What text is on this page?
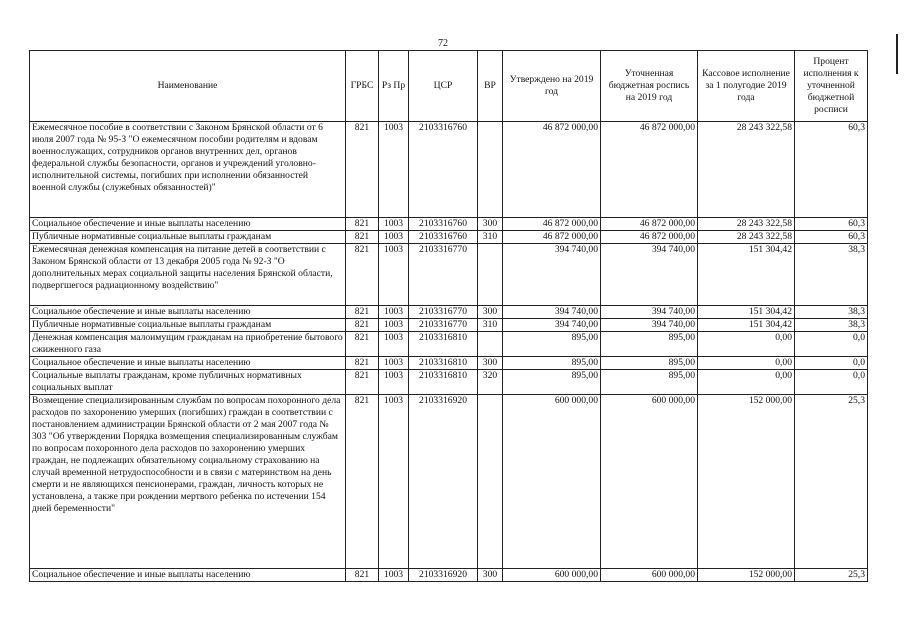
72
Наименование	ГРБС	Рз Пр	ЦСР	ВР	Утверждено на 2019 год	Уточненная бюджетная роспись на 2019 год	Кассовое исполнение за 1 полугодие 2019 года	Процент исполнения к уточненной бюджетной росписи
Ежемесячное пособие в соответствии с Законом Брянской области от 6 июля 2007 года № 95-З "О ежемесячном пособии родителям и вдовам военнослужащих, сотрудников органов внутренних дел, органов федеральной службы безопасности, органов и учреждений уголовно-исполнительной системы, погибших при исполнении обязанностей военной службы (служебных обязанностей)"	821	1003	2103316760		46 872 000,00	46 872 000,00	28 243 322,58	60,3
Социальное обеспечение и иные выплаты населению	821	1003	2103316760	300	46 872 000,00	46 872 000,00	28 243 322,58	60,3
Публичные нормативные социальные выплаты гражданам	821	1003	2103316760	310	46 872 000,00	46 872 000,00	28 243 322,58	60,3
Ежемесячная денежная компенсация на питание детей в соответствии с Законом Брянской области от 13 декабря 2005 года № 92-З "О дополнительных мерах социальной защиты населения Брянской области, подвергшегося радиационному воздействию"	821	1003	2103316770		394 740,00	394 740,00	151 304,42	38,3
Социальное обеспечение и иные выплаты населению	821	1003	2103316770	300	394 740,00	394 740,00	151 304,42	38,3
Публичные нормативные социальные выплаты гражданам	821	1003	2103316770	310	394 740,00	394 740,00	151 304,42	38,3
Денежная компенсация малоимущим гражданам на приобретение бытового сжиженного газа	821	1003	2103316810		895,00	895,00	0,00	0,0
Социальное обеспечение и иные выплаты населению	821	1003	2103316810	300	895,00	895,00	0,00	0,0
Социальные выплаты гражданам, кроме публичных нормативных социальных выплат	821	1003	2103316810	320	895,00	895,00	0,00	0,0
Возмещение специализированным службам по вопросам похоронного дела расходов по захоронению умерших (погибших) граждан в соответствии с постановлением администрации Брянской области от 2 мая 2007 года № 303 "Об утверждении Порядка возмещения специализированным службам по вопросам похоронного дела расходов по захоронению умерших граждан, не подлежащих обязательному социальному страхованию на случай временной нетрудоспособности и в связи с материнством на день смерти и не являющихся пенсионерами, граждан, личность которых не установлена, а также при рождении мертвого ребенка по истечении 154 дней беременности"	821	1003	2103316920		600 000,00	600 000,00	152 000,00	25,3
Социальное обеспечение и иные выплаты населению	821	1003	2103316920	300	600 000,00	600 000,00	152 000,00	25,3
